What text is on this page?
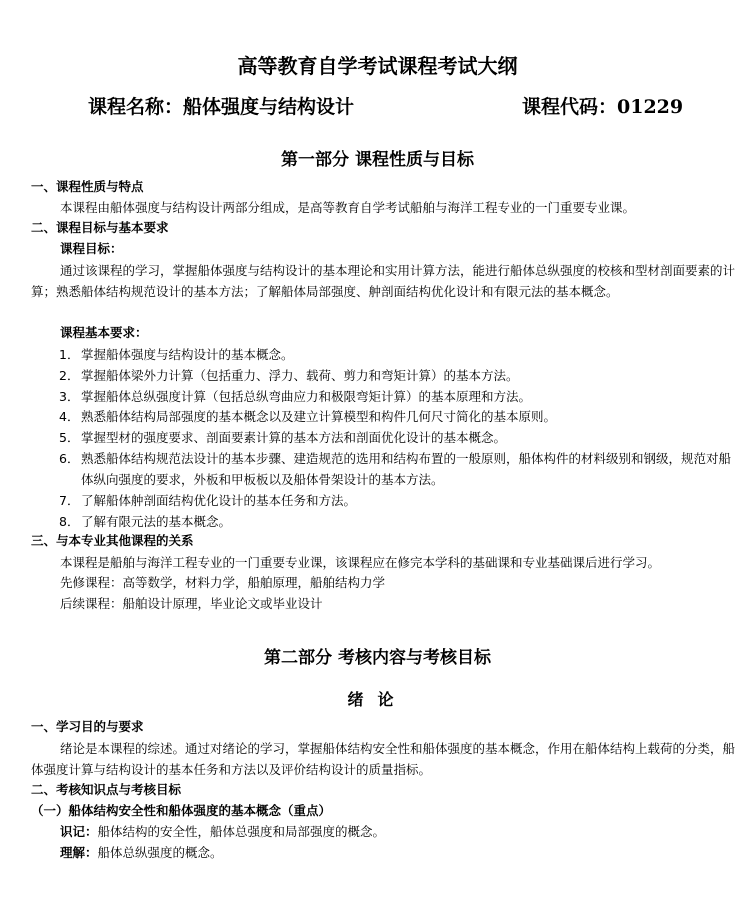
高等教育自学考试课程考试大纲
课程名称：船体强度与结构设计	课程代码：01229
第一部分 课程性质与目标
一、课程性质与特点
本课程由船体强度与结构设计两部分组成，是高等教育自学考试船舶与海洋工程专业的一门重要专业课。
二、课程目标与基本要求
课程目标：
通过该课程的学习，掌握船体强度与结构设计的基本理论和实用计算方法，能进行船体总纵强度的校核和型材剖面要素的计算；熟悉船体结构规范设计的基本方法；了解船体局部强度、舯剖面结构优化设计和有限元法的基本概念。
课程基本要求：
1． 掌握船体强度与结构设计的基本概念。
2． 掌握船体梁外力计算（包括重力、浮力、载荷、剪力和弯矩计算）的基本方法。
3． 掌握船体总纵强度计算（包括总纵弯曲应力和极限弯矩计算）的基本原理和方法。
4． 熟悉船体结构局部强度的基本概念以及建立计算模型和构件几何尺寸简化的基本原则。
5． 掌握型材的强度要求、剖面要素计算的基本方法和剖面优化设计的基本概念。
6． 熟悉船体结构规范法设计的基本步骤、建造规范的选用和结构布置的一般原则，船体构件的材料级别和钢级，规范对船体纵向强度的要求，外板和甲板板以及船体骨架设计的基本方法。
7． 了解船体舯剖面结构优化设计的基本任务和方法。
8． 了解有限元法的基本概念。
三、与本专业其他课程的关系
本课程是船舶与海洋工程专业的一门重要专业课，该课程应在修完本学科的基础课和专业基础课后进行学习。
先修课程：高等数学，材料力学，船舶原理，船舶结构力学
后续课程：船舶设计原理，毕业论文或毕业设计
第二部分 考核内容与考核目标
绪论
一、学习目的与要求
绪论是本课程的综述。通过对绪论的学习，掌握船体结构安全性和船体强度的基本概念，作用在船体结构上载荷的分类，船体强度计算与结构设计的基本任务和方法以及评价结构设计的质量指标。
二、考核知识点与考核目标
（一）船体结构安全性和船体强度的基本概念（重点）
识记：船体结构的安全性，船体总强度和局部强度的概念。
理解：船体总纵强度的概念。
